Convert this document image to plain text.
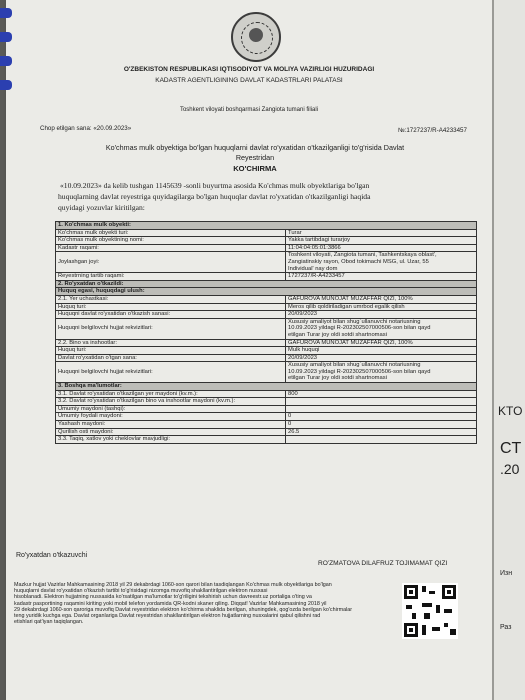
KTO
CT
.20
Изн
Раз
O'ZBEKISTON RESPUBLIKASI IQTISODIYOT VA MOLIYA VAZIRLIGI HUZURIDAGI
KADASTR AGENTLIGINING DAVLAT KADASTRLARI PALATASI
Toshkent viloyati boshqarmasi Zangiota tumani filiali
Chop etilgan sana: «20.09.2023»	№:1727237/R-A4233457
Ko'chmas mulk obyektiga bo'lgan huquqlarni davlat ro'yxatidan o'tkazilganligi to'g'risida Davlat
Reyestridan
KO'CHIRMA
«10.09.2023» da kelib tushgan 1145639 -sonli buyurtma asosida Ko'chmas mulk obyektlariga bo'lgan
huquqlarning davlat reyestriga quyidagilarga bo'lgan huquqlar davlat ro'yxatidan o'tkazilganligi haqida
quyidagi yozuvlar kiritilgan:
1. Ko'chmas mulk obyekti:	
Ko'chmas mulk obyekti turi:	Turar
Ko'chmas mulk obyektining nomi:	Yakka tartibdagi turarjoy
Kadastr raqami:	11:04:04:05:01:3866
Joylashgan joyi:	Toshkent viloyati, Zangiota tumani, Tashkentskaya oblast',
Zangiatinskiy rayon, Obod tokimachi MSG, ul. Uzar, 55
Individual' nay dom

Reyestrning tartib raqami:	1727237/R-A4233457
2. Ro'yxatdan o'tkazildi:	
Huquq egasi, huquqdagi ulush:	
2.1. Yer uchastkasi:	GAFUROVA MUNOJAT MUZAFFAR QIZI, 100%
Huquq turi:	Meros qilib qoldiriladigan umrbod egalik qilish
Huquqni davlat ro'yxatidan o'tkazish sanasi:	20/09/2023
Huquqni belgilovchi hujjat rekvizitlari:	Xususiy amaliyot bilan shug`ullanuvchi notariusning
10.09.2023 yildagi R-202302507000506-son bilan qayd
etilgan Turar joy oldi sotdi shartnomasi

2.2. Bino va inshootlar:	GAFUROVA MUNOJAT MUZAFFAR QIZI, 100%
Huquq turi:	Mulk huquqi
Davlat ro'yxatidan o'tgan sana:	20/09/2023
Huquqni belgilovchi hujjat rekvizitlari:	Xususiy amaliyot bilan shug`ullanuvchi notariusning
10.09.2023 yildagi R-202302507000506-son bilan qayd
etilgan Turar joy oldi sotdi shartnomasi

3. Boshqa ma'lumotlar:	
3.1. Davlat ro'yxatidan o'tkazilgan yer maydoni (kv.m.):	800
3.2. Davlat ro'yxatidan o'tkazilgan bino va inshootlar maydoni (kv.m.):	
Umumiy maydoni (tashqi):	
Umumiy foydali maydoni:	0
Yashash maydoni:	0
Qurilish osti maydoni:	26.5
3.3. Taqiq, xatlov yoki cheklovlar mavjudligi:	
Ro'yxatdan o'tkazuvchi
RO'ZMATOVA DILAFRUZ TOJIMAMAT QIZI
Mazkur hujjat Vazirlar Mahkamasining 2018 yil 29 dekabrdagi 1060-son qarori bilan tasdiqlangan Ko'chmas mulk obyektlariga bo'lgan
huquqlarni davlat ro'yxatidan o'tkazish tartibi to'g'risidagi nizomga muvofiq shakllantirilgan elektron nusxasi
hisoblanadi. Elektron hujjatning nusxasida ko'rsatilgan ma'lumotlar to'g'riligini tekshirish uchun davreestr.uz portaliga o'ting va
kadastr pasportining raqamini kiriting yoki mobil telefon yordamida QR-kodni skaner qiling. Diqqat! Vazirlar Mahkamasining 2018 yil
29 dekabrdagi 1060-son qaroriga muvofiq Davlat reyestridan elektron ko'chirma shaklida berilgan, shuningdek, qog'ozda berilgan ko'chirmalar
teng yuridik kuchga ega. Davlat organlariga Davlat reyestridan shakllantirilgan elektron hujjatlarning nusxalarini qabul qilishni rad
etishlari qat'iyan taqiqlangan.
